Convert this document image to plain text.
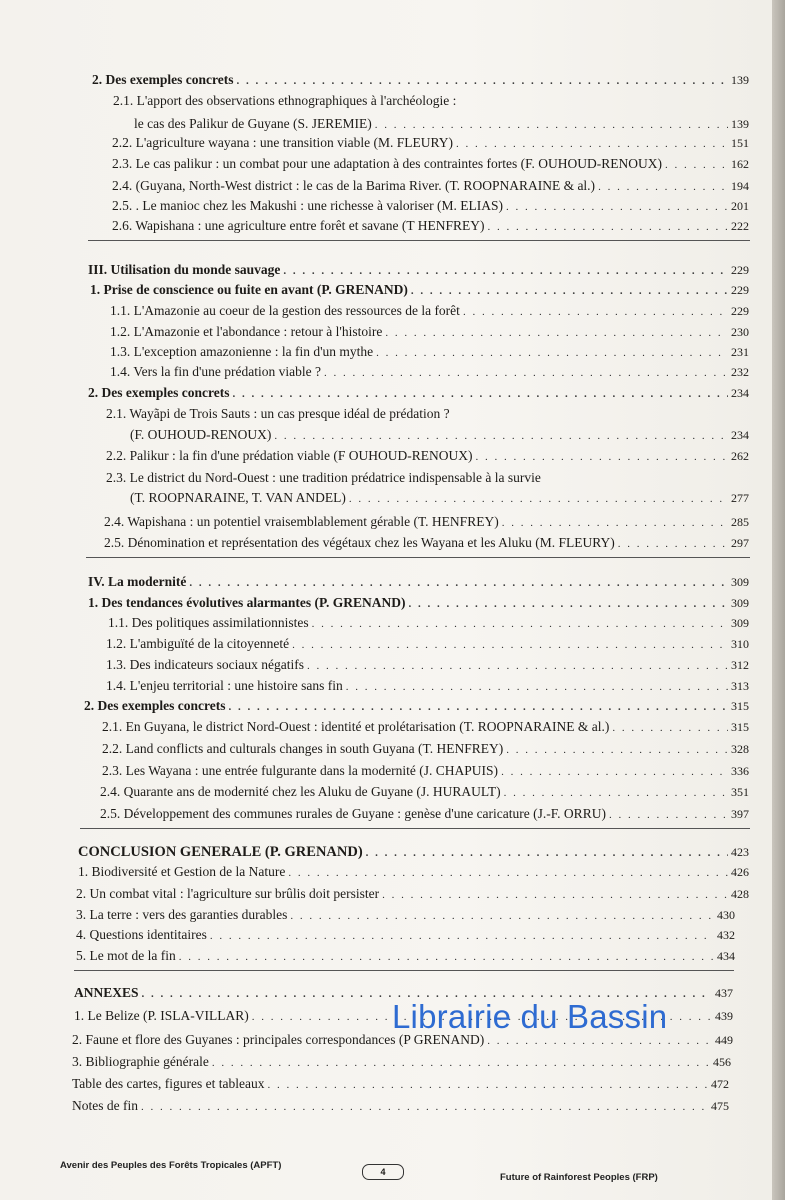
2. Des exemples concrets . . .	139
2.1. L'apport des observations ethnographiques à l'archéologie :
le cas des Palikur de Guyane (S. JEREMIE) . . .	139
2.2. L'agriculture wayana : une transition viable (M. FLEURY) . . .	151
2.3. Le cas palikur : un combat pour une adaptation à des contraintes fortes (F. OUHOUD-RENOUX) . . .	162
2.4. (Guyana, North-West district : le cas de la Barima River. (T. ROOPNARAINE & al.) . . .	194
2.5. . Le manioc chez les Makushi : une richesse à valoriser (M. ELIAS) . . .	201
2.6. Wapishana : une agriculture entre forêt et savane (T HENFREY) . . .	222
III. Utilisation du monde sauvage . . .	229
1. Prise de conscience ou fuite en avant (P. GRENAND) . . .	229
1.1. L'Amazonie au coeur de la gestion des ressources de la forêt . . .	229
1.2. L'Amazonie et l'abondance : retour à l'histoire . . .	230
1.3. L'exception amazonienne : la fin d'un mythe . . .	231
1.4. Vers la fin d'une prédation viable ? . . .	232
2. Des exemples concrets . . .	234
2.1. Wayãpi de Trois Sauts : un cas presque idéal de prédation ?
(F. OUHOUD-RENOUX) . . .	234
2.2. Palikur : la fin d'une prédation viable (F OUHOUD-RENOUX) . . .	262
2.3. Le district du Nord-Ouest : une tradition prédatrice indispensable à la survie
(T. ROOPNARAINE, T. VAN ANDEL) . . .	277
2.4. Wapishana : un potentiel vraisemblablement gérable (T. HENFREY) . . .	285
2.5. Dénomination et représentation des végétaux chez les Wayana et les Aluku (M. FLEURY) . . .	297
IV. La modernité . . .	309
1. Des tendances évolutives alarmantes (P. GRENAND) . . .	309
1.1. Des politiques assimilationnistes . . .	309
1.2. L'ambiguïté de la citoyenneté . . .	310
1.3. Des indicateurs sociaux négatifs . . .	312
1.4. L'enjeu territorial : une histoire sans fin . . .	313
2. Des exemples concrets . . .	315
2.1. En Guyana, le district Nord-Ouest : identité et prolétarisation (T. ROOPNARAINE & al.) . . .	315
2.2. Land conflicts and culturals changes in south Guyana (T. HENFREY) . . .	328
2.3. Les Wayana : une entrée fulgurante dans la modernité (J. CHAPUIS) . . .	336
2.4. Quarante ans de modernité chez les Aluku de Guyane (J. HURAULT) . . .	351
2.5. Développement des communes rurales de Guyane : genèse d'une caricature (J.-F. ORRU) . . .	397
CONCLUSION GENERALE (P. GRENAND) . . .	423
1. Biodiversité et Gestion de la Nature . . .	426
2. Un combat vital : l'agriculture sur brûlis doit persister . . .	428
3. La terre : vers des garanties durables . . .	430
4. Questions identitaires . . .	432
5. Le mot de la fin . . .	434
ANNEXES . . .	437
1. Le Belize (P. ISLA-VILLAR) . . .	439
2. Faune et flore des Guyanes : principales correspondances (P GRENAND) . . .	449
3. Bibliographie générale . . .	456
Table des cartes, figures et tableaux . . .	472
Notes de fin . . .	475
Librairie du Bassin
Avenir des Peuples des Forêts Tropicales (APFT)
4	Future of Rainforest Peoples (FRP)
